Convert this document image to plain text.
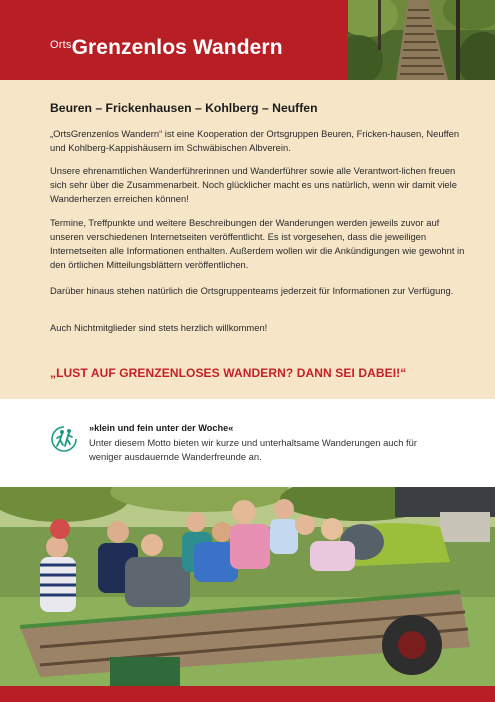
$^{Orts}$Grenzenlos Wandern
Beuren – Frickenhausen – Kohlberg – Neuffen

„OrtsGrenzenlos Wandern“ ist eine Kooperation der Ortsgruppen Beuren, Fricken-hausen, Neuffen und Kohlberg-Kappishäusern im Schwäbischen Albverein.

Unsere ehrenamtlichen Wanderführerinnen und Wanderführer sowie alle Verantwort-lichen freuen sich sehr über die Zusammenarbeit. Noch glücklicher macht es uns natürlich, wenn wir damit viele Wanderherzen erreichen können!

Termine, Treffpunkte und weitere Beschreibungen der Wanderungen werden jeweils zuvor auf unseren verschiedenen Internetseiten veröffentlicht. Es ist vorgesehen, dass die jeweiligen Internetseiten alle Informationen enthalten. Außerdem wollen wir die Ankündigungen wie gewohnt in den örtlichen Mitteilungsblättern veröffentlichen.

Darüber hinaus stehen natürlich die Ortsgruppenteams jederzeit für Informationen zur Verfügung.

Auch Nichtmitglieder sind stets herzlich willkommen!

„LUST AUF GRENZENLOSES WANDERN? DANN SEI DABEI!“
»klein und fein unter der Woche«

Unter diesem Motto bieten wir kurze und unterhaltsame Wanderungen auch für weniger ausdauernde Wanderfreunde an.
